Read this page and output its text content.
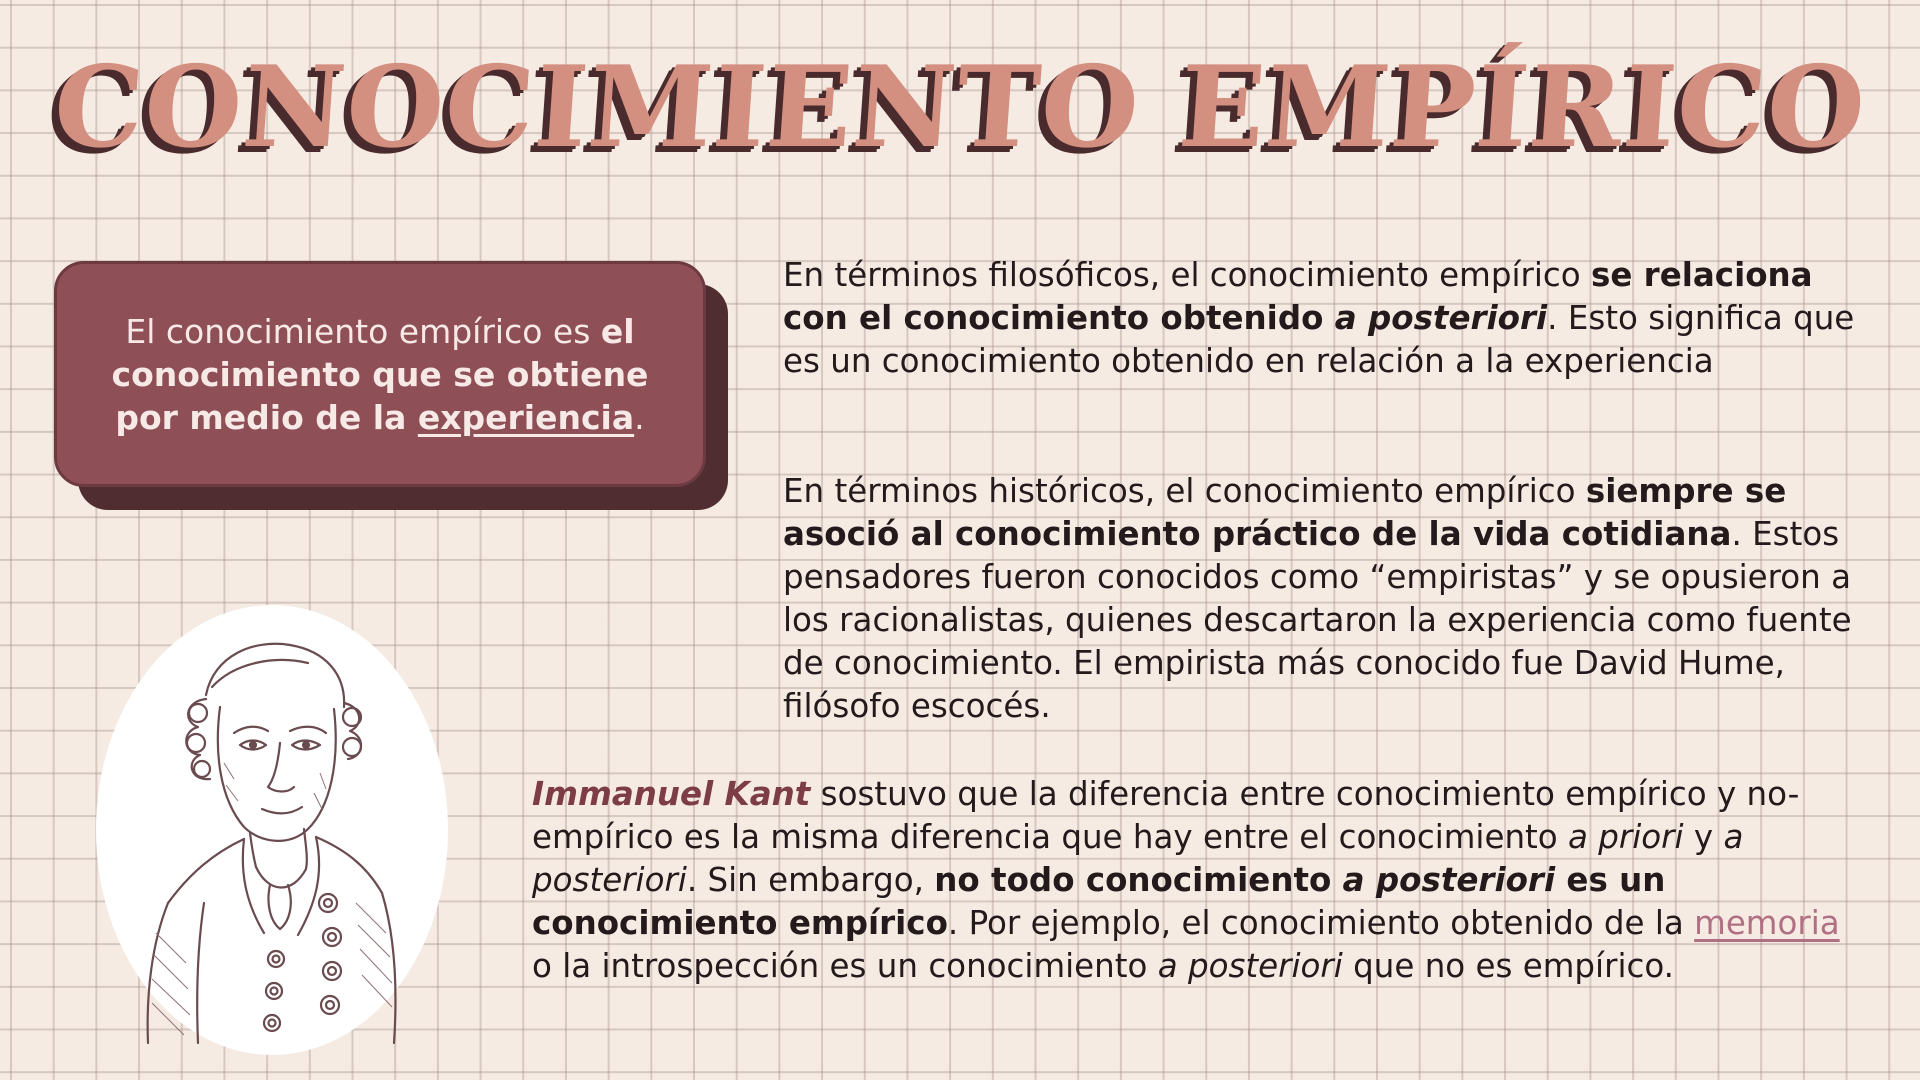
CONOCIMIENTO EMPÍRICO

El conocimiento empírico es el conocimiento que se obtiene por medio de la experiencia.

En términos filosóficos, el conocimiento empírico se relaciona con el conocimiento obtenido a posteriori. Esto significa que es un conocimiento obtenido en relación a la experiencia

En términos históricos, el conocimiento empírico siempre se asoció al conocimiento práctico de la vida cotidiana. Estos pensadores fueron conocidos como “empiristas” y se opusieron a los racionalistas, quienes descartaron la experiencia como fuente de conocimiento. El empirista más conocido fue David Hume, filósofo escocés.

Immanuel Kant sostuvo que la diferencia entre conocimiento empírico y no-empírico es la misma diferencia que hay entre el conocimiento a priori y a posteriori. Sin embargo, no todo conocimiento a posteriori es un conocimiento empírico. Por ejemplo, el conocimiento obtenido de la memoria o la introspección es un conocimiento a posteriori que no es empírico.
